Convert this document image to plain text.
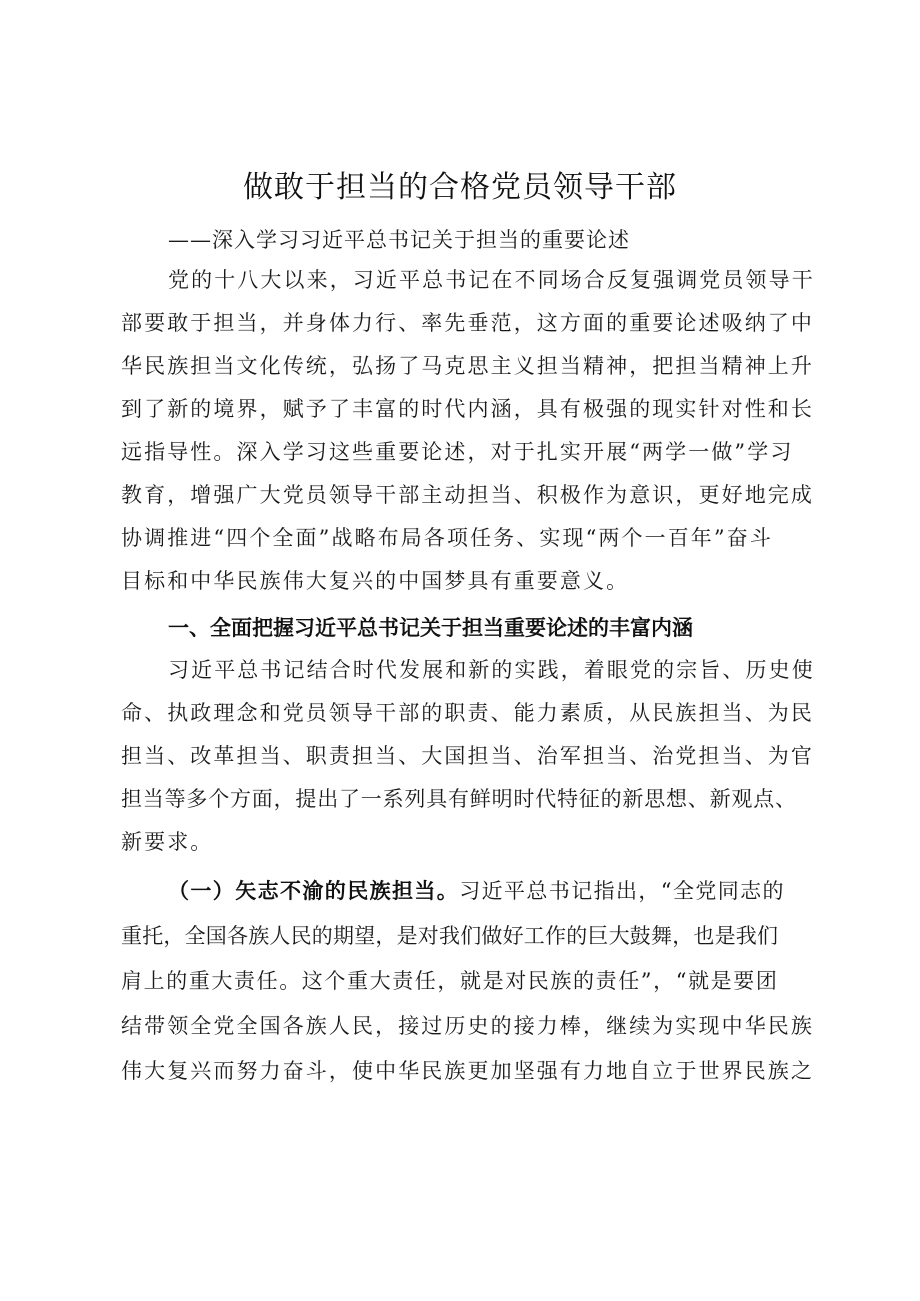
做敢于担当的合格党员领导干部
——深入学习习近平总书记关于担当的重要论述
党的十八大以来，习近平总书记在不同场合反复强调党员领导干
部要敢于担当，并身体力行、率先垂范，这方面的重要论述吸纳了中
华民族担当文化传统，弘扬了马克思主义担当精神，把担当精神上升
到了新的境界，赋予了丰富的时代内涵，具有极强的现实针对性和长
远指导性。深入学习这些重要论述，对于扎实开展“两学一做”学习
教育，增强广大党员领导干部主动担当、积极作为意识，更好地完成
协调推进“四个全面”战略布局各项任务、实现“两个一百年”奋斗
目标和中华民族伟大复兴的中国梦具有重要意义。
一、全面把握习近平总书记关于担当重要论述的丰富内涵
习近平总书记结合时代发展和新的实践，着眼党的宗旨、历史使
命、执政理念和党员领导干部的职责、能力素质，从民族担当、为民
担当、改革担当、职责担当、大国担当、治军担当、治党担当、为官
担当等多个方面，提出了一系列具有鲜明时代特征的新思想、新观点、
新要求。
（一）矢志不渝的民族担当。习近平总书记指出，“全党同志的
重托，全国各族人民的期望，是对我们做好工作的巨大鼓舞，也是我们
肩上的重大责任。这个重大责任，就是对民族的责任”，“就是要团
结带领全党全国各族人民，接过历史的接力棒，继续为实现中华民族
伟大复兴而努力奋斗，使中华民族更加坚强有力地自立于世界民族之
